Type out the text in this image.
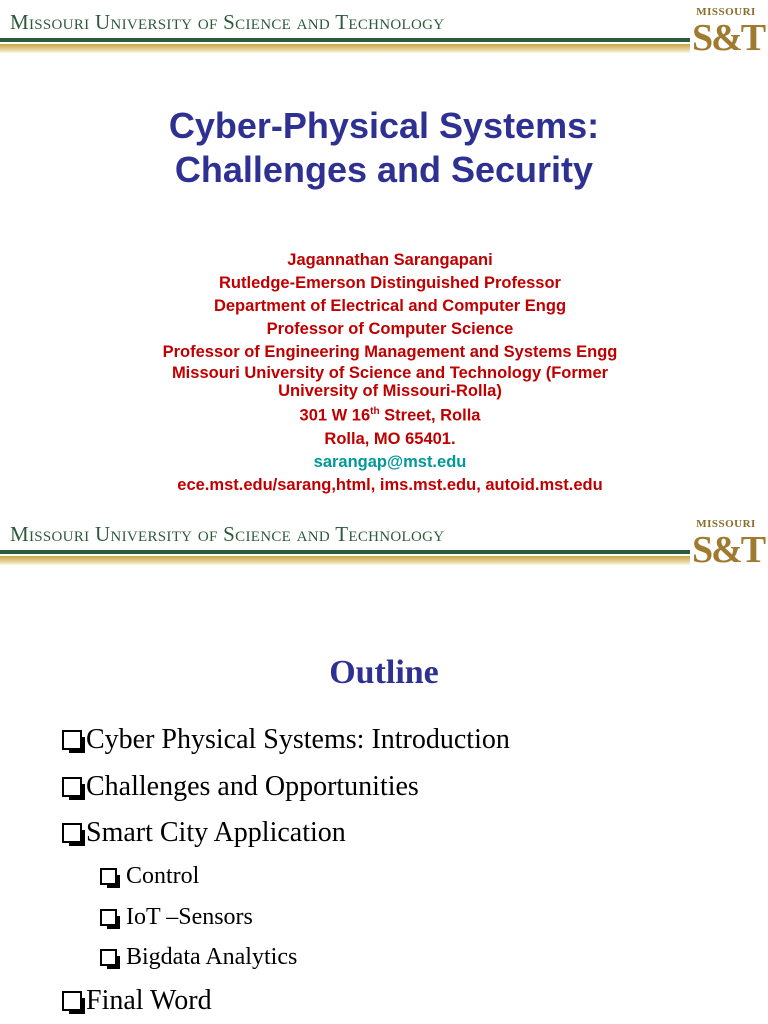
Missouri University of Science and Technology	MISSOURI
S&T
Cyber-Physical Systems:
Challenges and Security
Jagannathan Sarangapani
Rutledge-Emerson Distinguished Professor
Department of Electrical and Computer Engg
Professor of Computer Science
Professor of Engineering Management and Systems Engg
Missouri University of Science and Technology (Former
University of Missouri-Rolla)
301 W 16th Street, Rolla
Rolla, MO 65401.
sarangap@mst.edu
ece.mst.edu/sarang,html, ims.mst.edu, autoid.mst.edu
Missouri University of Science and Technology	MISSOURI
S&T
Outline
Cyber Physical Systems: Introduction
Challenges and Opportunities
Smart City Application
Control
IoT –Sensors
Bigdata Analytics
Final Word
